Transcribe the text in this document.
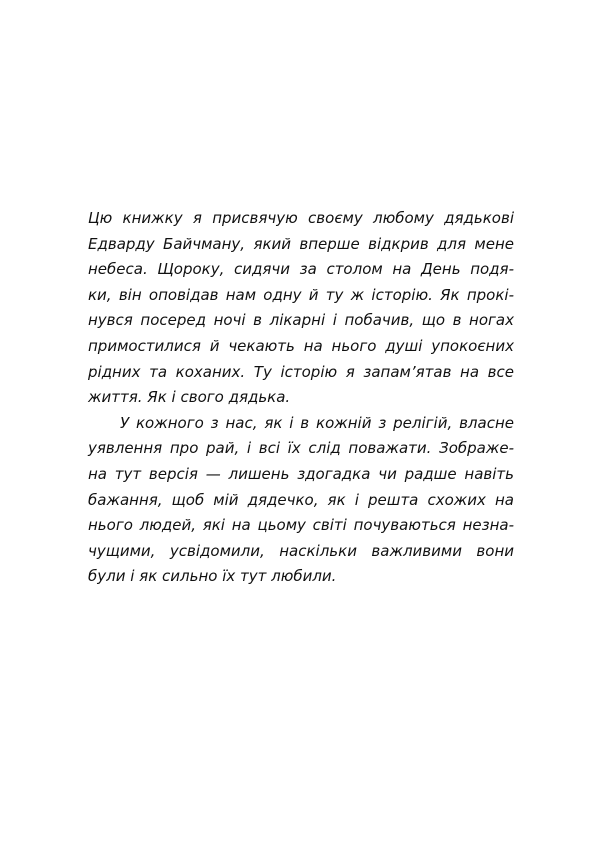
Цю книжку я присвячую своєму любому дядькові
Едварду Байчману, який вперше відкрив для мене
небеса. Щороку, сидячи за столом на День подя-
ки, він оповідав нам одну й ту ж історію. Як прокі-
нувся посеред ночі в лікарні і побачив, що в ногах
примостилися й чекають на нього душі упокоєних
рідних та коханих. Ту історію я запам’ятав на все
життя. Як і свого дядька.

У кожного з нас, як і в кожній з релігій, власне
уявлення про рай, і всі їх слід поважати. Зображе-
на тут версія — лишень здогадка чи радше навіть
бажання, щоб мій дядечко, як і решта схожих на
нього людей, які на цьому світі почуваються незна-
чущими, усвідомили, наскільки важливими вони
були і як сильно їх тут любили.
